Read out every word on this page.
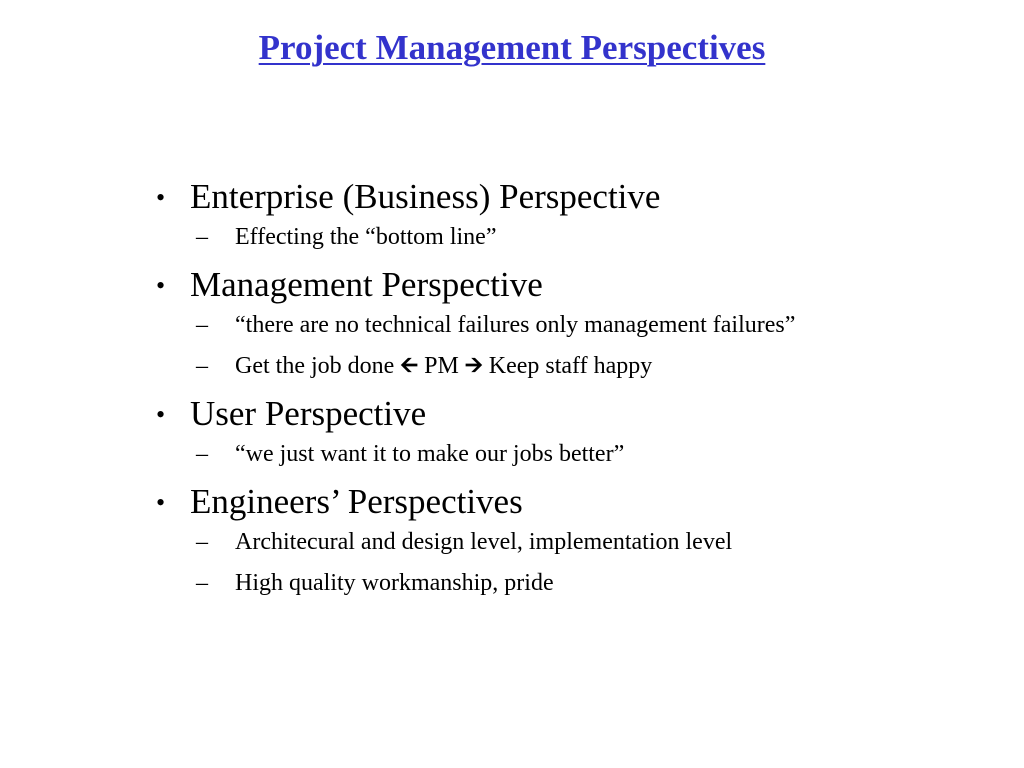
Project Management Perspectives
• Enterprise (Business) Perspective
– Effecting the “bottom line”
• Management Perspective
– “there are no technical failures only management failures”
– Get the job done 🡨 PM 🡪 Keep staff happy
• User Perspective
– “we just want it to make our jobs better”
• Engineers’ Perspectives
– Architecural and design level, implementation level
– High quality workmanship, pride
